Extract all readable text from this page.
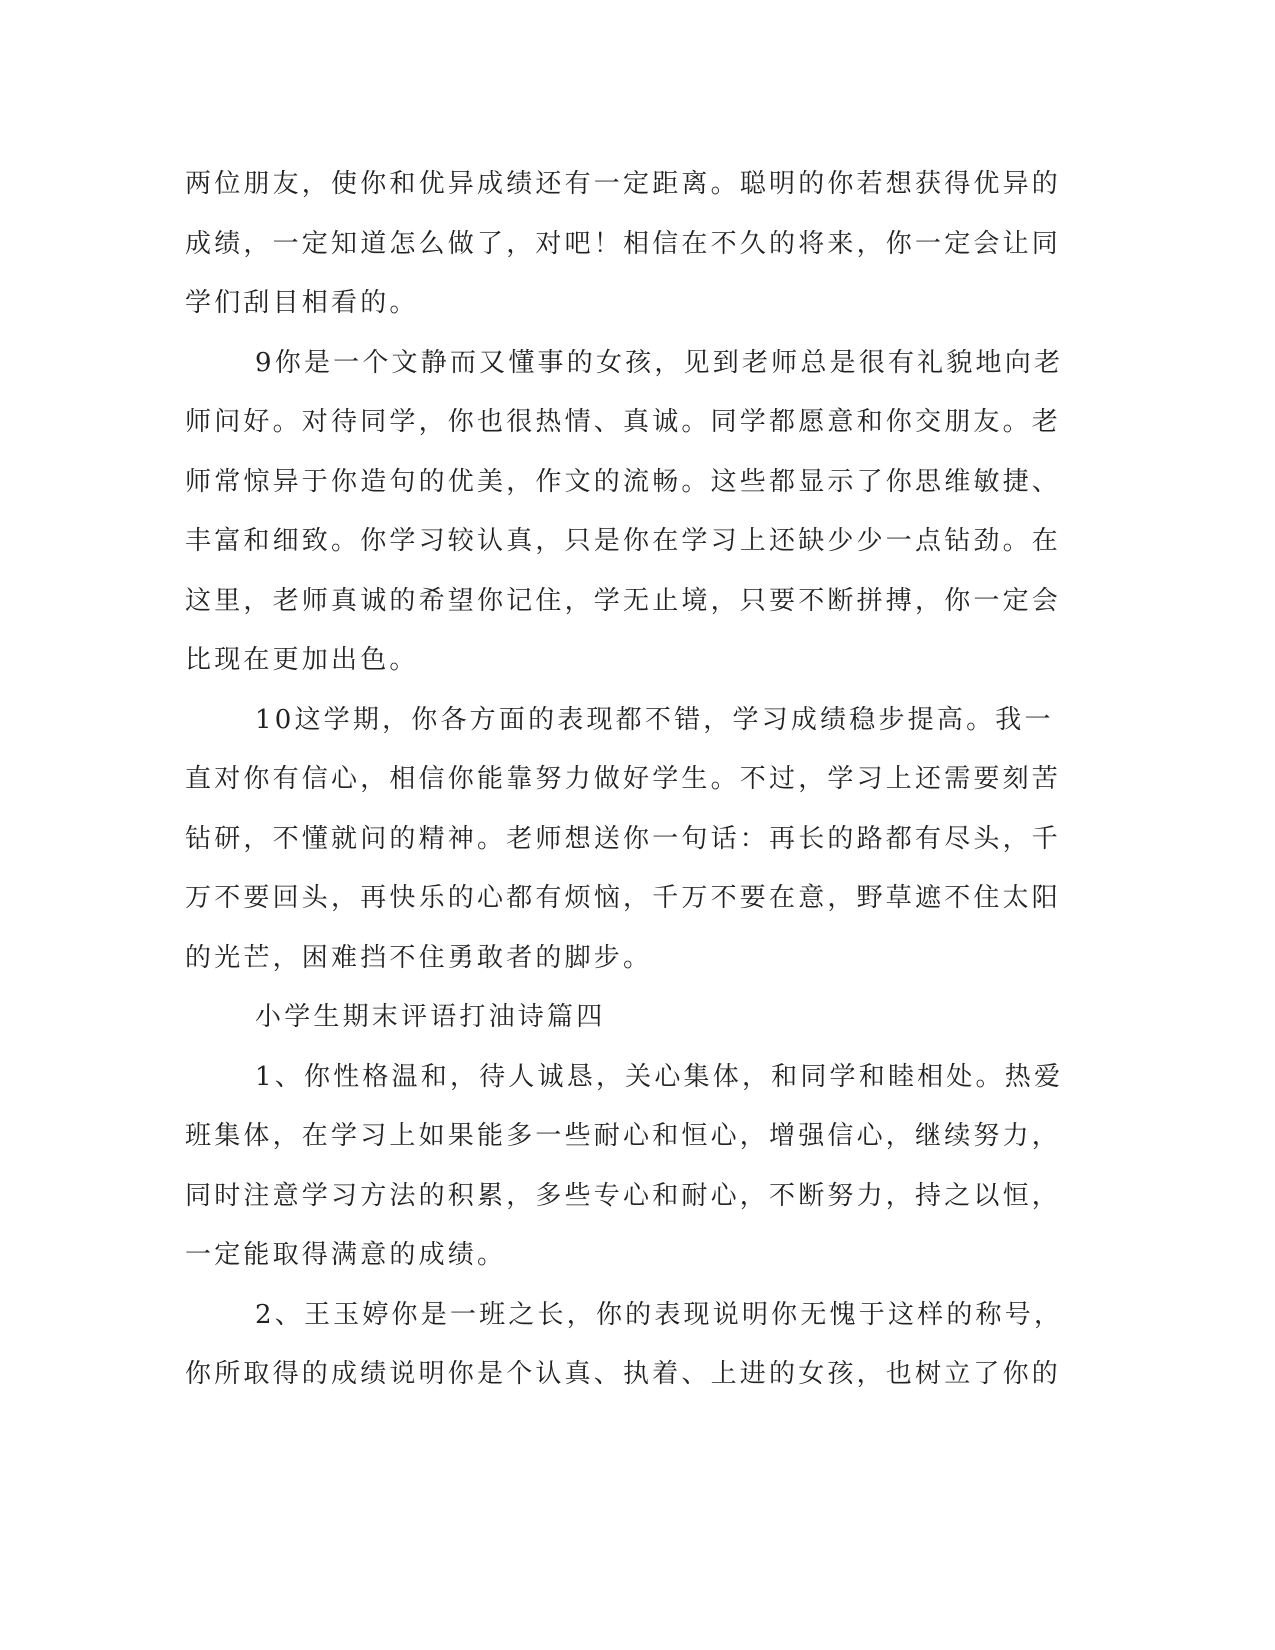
两位朋友，使你和优异成绩还有一定距离。聪明的你若想获得优异的成绩，一定知道怎么做了，对吧！相信在不久的将来，你一定会让同学们刮目相看的。

9你是一个文静而又懂事的女孩，见到老师总是很有礼貌地向老师问好。对待同学，你也很热情、真诚。同学都愿意和你交朋友。老师常惊异于你造句的优美，作文的流畅。这些都显示了你思维敏捷、丰富和细致。你学习较认真，只是你在学习上还缺少少一点钻劲。在这里，老师真诚的希望你记住，学无止境，只要不断拼搏，你一定会比现在更加出色。

10这学期，你各方面的表现都不错，学习成绩稳步提高。我一直对你有信心，相信你能靠努力做好学生。不过，学习上还需要刻苦钻研，不懂就问的精神。老师想送你一句话：再长的路都有尽头，千万不要回头，再快乐的心都有烦恼，千万不要在意，野草遮不住太阳的光芒，困难挡不住勇敢者的脚步。

小学生期末评语打油诗篇四

1、你性格温和，待人诚恳，关心集体，和同学和睦相处。热爱班集体，在学习上如果能多一些耐心和恒心，增强信心，继续努力，同时注意学习方法的积累，多些专心和耐心，不断努力，持之以恒，一定能取得满意的成绩。

2、王玉婷你是一班之长，你的表现说明你无愧于这样的称号，你所取得的成绩说明你是个认真、执着、上进的女孩，也树立了你的
